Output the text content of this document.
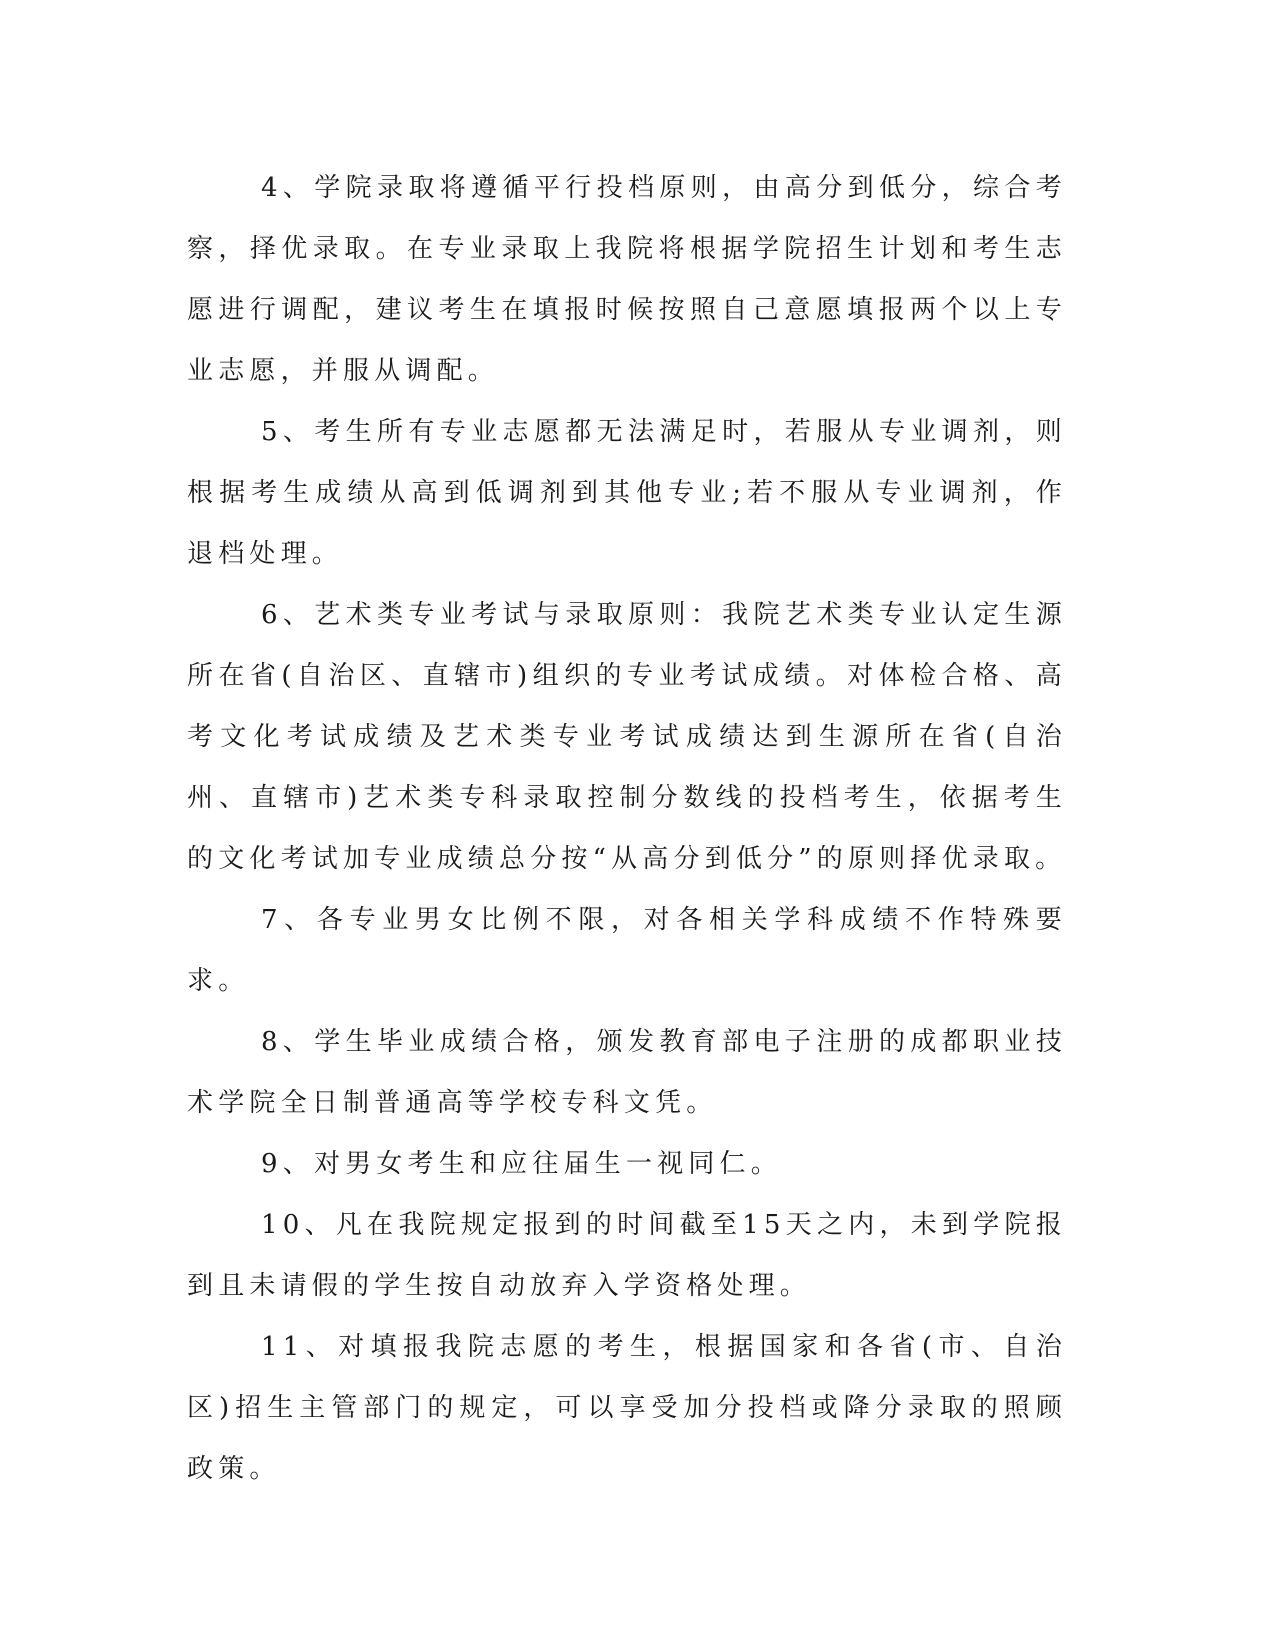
4、学院录取将遵循平行投档原则，由高分到低分，综合考察，择优录取。在专业录取上我院将根据学院招生计划和考生志愿进行调配，建议考生在填报时候按照自己意愿填报两个以上专业志愿，并服从调配。

5、考生所有专业志愿都无法满足时，若服从专业调剂，则根据考生成绩从高到低调剂到其他专业;若不服从专业调剂，作退档处理。

6、艺术类专业考试与录取原则：我院艺术类专业认定生源所在省(自治区、直辖市)组织的专业考试成绩。对体检合格、高考文化考试成绩及艺术类专业考试成绩达到生源所在省(自治州、直辖市)艺术类专科录取控制分数线的投档考生，依据考生的文化考试加专业成绩总分按“从高分到低分”的原则择优录取。

7、各专业男女比例不限，对各相关学科成绩不作特殊要求。

8、学生毕业成绩合格，颁发教育部电子注册的成都职业技术学院全日制普通高等学校专科文凭。

9、对男女考生和应往届生一视同仁。

10、凡在我院规定报到的时间截至15天之内，未到学院报到且未请假的学生按自动放弃入学资格处理。

11、对填报我院志愿的考生，根据国家和各省(市、自治区)招生主管部门的规定，可以享受加分投档或降分录取的照顾政策。
